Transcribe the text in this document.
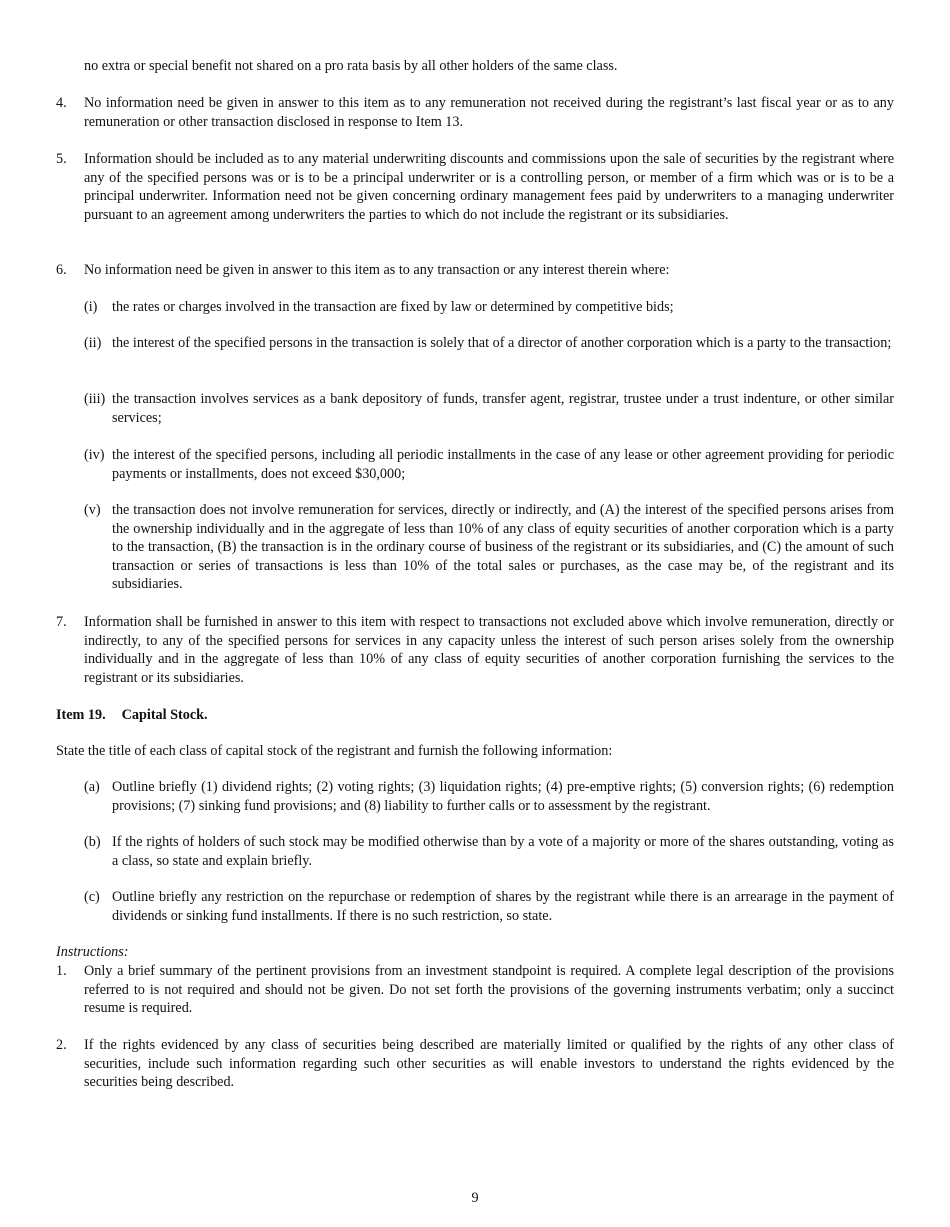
no extra or special benefit not shared on a pro rata basis by all other holders of the same class.

4. No information need be given in answer to this item as to any remuneration not received during the registrant’s last fiscal year or as to any remuneration or other transaction disclosed in response to Item 13.
5. Information should be included as to any material underwriting discounts and commissions upon the sale of securities by the registrant where any of the specified persons was or is to be a principal underwriter or is a controlling person, or member of a firm which was or is to be a principal underwriter. Information need not be given concerning ordinary management fees paid by underwriters to a managing underwriter pursuant to an agreement among underwriters the parties to which do not include the registrant or its subsidiaries.
6. No information need be given in answer to this item as to any transaction or any interest therein where:
(i) the rates or charges involved in the transaction are fixed by law or determined by competitive bids;
(ii) the interest of the specified persons in the transaction is solely that of a director of another corporation which is a party to the transaction;
(iii) the transaction involves services as a bank depository of funds, transfer agent, registrar, trustee under a trust indenture, or other similar services;
(iv) the interest of the specified persons, including all periodic installments in the case of any lease or other agreement providing for periodic payments or installments, does not exceed $30,000;
(v) the transaction does not involve remuneration for services, directly or indirectly, and (A) the interest of the specified persons arises from the ownership individually and in the aggregate of less than 10% of any class of equity securities of another corporation which is a party to the transaction, (B) the transaction is in the ordinary course of business of the registrant or its subsidiaries, and (C) the amount of such transaction or series of transactions is less than 10% of the total sales or purchases, as the case may be, of the registrant and its subsidiaries.
7. Information shall be furnished in answer to this item with respect to transactions not excluded above which involve remuneration, directly or indirectly, to any of the specified persons for services in any capacity unless the interest of such person arises solely from the ownership individually and in the aggregate of less than 10% of any class of equity securities of another corporation furnishing the services to the registrant or its subsidiaries.

Item 19. Capital Stock.

State the title of each class of capital stock of the registrant and furnish the following information:

(a) Outline briefly (1) dividend rights; (2) voting rights; (3) liquidation rights; (4) pre-emptive rights; (5) conversion rights; (6) redemption provisions; (7) sinking fund provisions; and (8) liability to further calls or to assessment by the registrant.
(b) If the rights of holders of such stock may be modified otherwise than by a vote of a majority or more of the shares outstanding, voting as a class, so state and explain briefly.
(c) Outline briefly any restriction on the repurchase or redemption of shares by the registrant while there is an arrearage in the payment of dividends or sinking fund installments. If there is no such restriction, so state.

Instructions:

1. Only a brief summary of the pertinent provisions from an investment standpoint is required. A complete legal description of the provisions referred to is not required and should not be given. Do not set forth the provisions of the governing instruments verbatim; only a succinct resume is required.
2. If the rights evidenced by any class of securities being described are materially limited or qualified by the rights of any other class of securities, include such information regarding such other securities as will enable investors to understand the rights evidenced by the securities being described.

9
